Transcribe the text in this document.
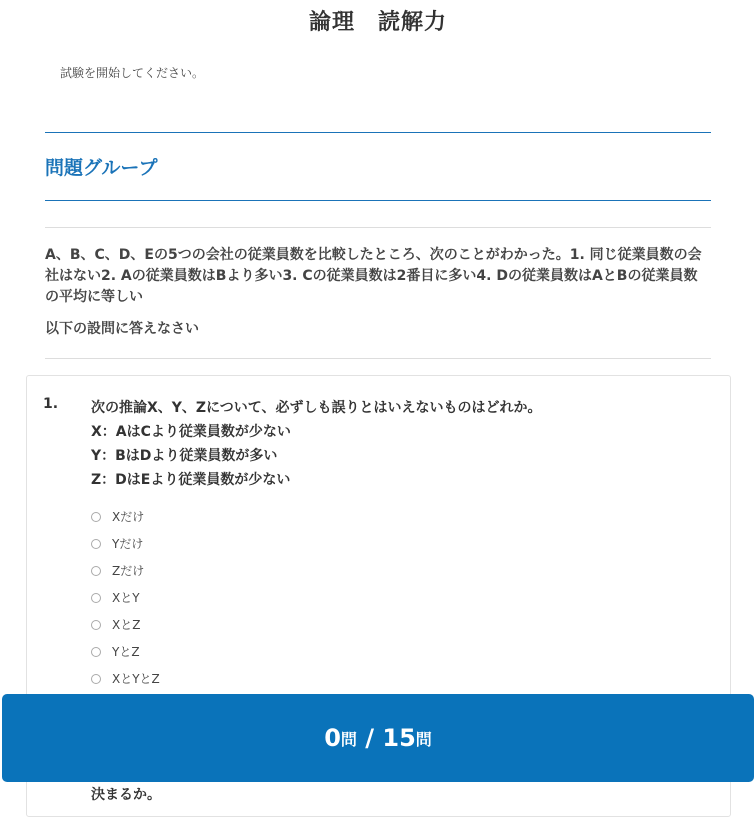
論理　読解力
試験を開始してください。
問題グループ
A、B、C、D、Eの5つの会社の従業員数を比較したところ、次のことがわかった。1. 同じ従業員数の会社はない2. Aの従業員数はBより多い3. Cの従業員数は2番目に多い4. Dの従業員数はAとBの従業員数の平均に等しい
以下の設問に答えなさい
1. 次の推論X、Y、Zについて、必ずしも誤りとはいえないものはどれか。
X：AはCより従業員数が少ない
Y：BはDより従業員数が多い
Z：DはEより従業員数が少ない
Xだけ
Yだけ
Zだけ
XとY
XとZ
YとZ
XとYとZ
決まるか。
0 問 / 15 問
